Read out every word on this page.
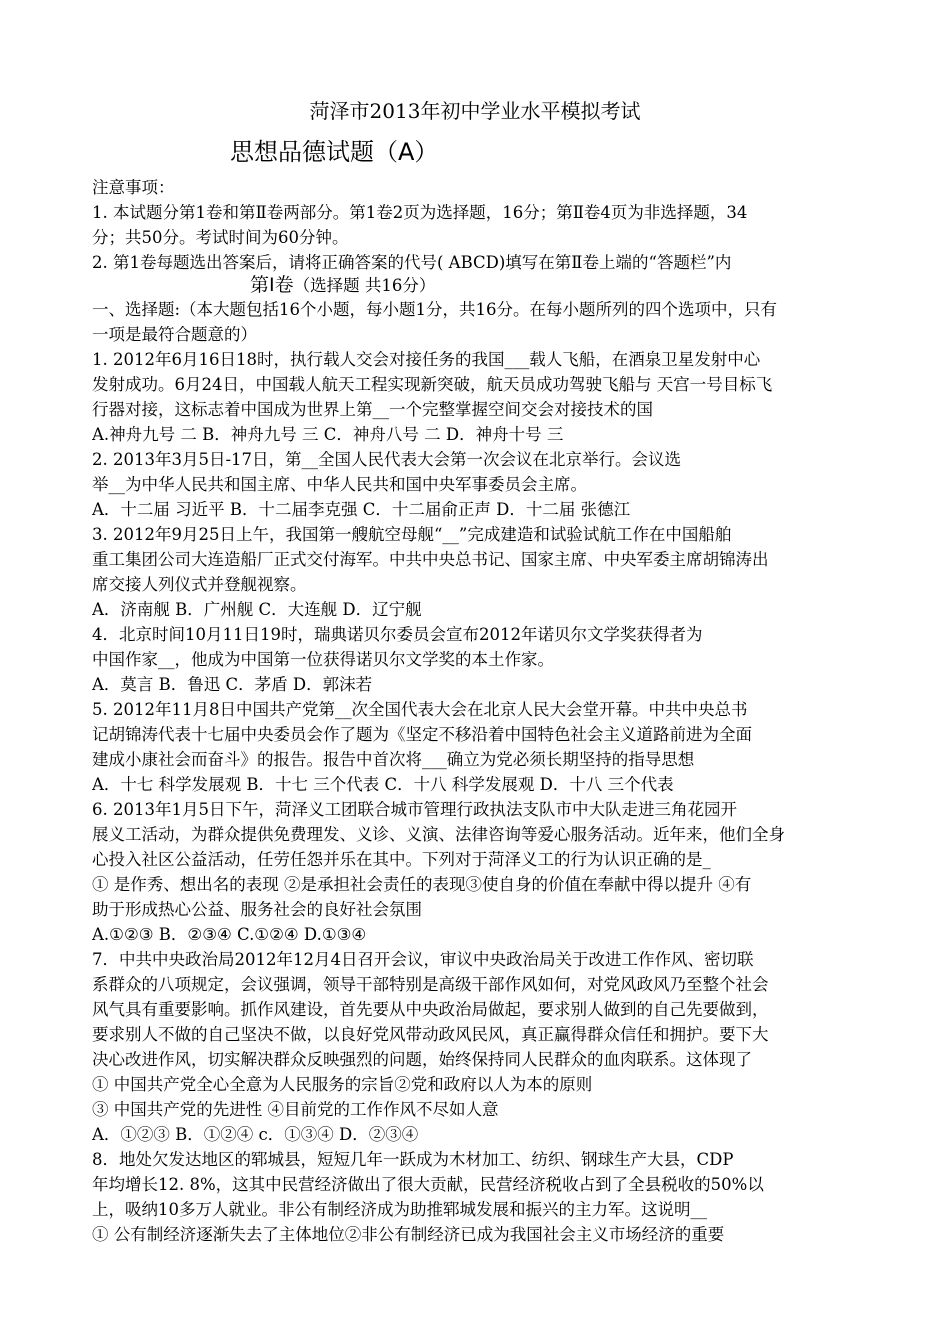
菏泽市2013年初中学业水平模拟考试
思想品德试题（A）
注意事项：
1. 本试题分第1卷和第Ⅱ卷两部分。第1卷2页为选择题，16分；第Ⅱ卷4页为非选择题，34
分；共50分。考试时间为60分钟。
2. 第1卷每题选出答案后，请将正确答案的代号( ABCD)填写在第Ⅱ卷上端的“答题栏”内
第Ⅰ卷（选择题 共16分）
一、选择题:（本大题包括16个小题，每小题1分，共16分。在每小题所列的四个选项中，只有
一项是最符合题意的）
1. 2012年6月16日18时，执行载人交会对接任务的我国___载人飞船，在酒泉卫星发射中心
发射成功。6月24日，中国载人航天工程实现新突破，航天员成功驾驶飞船与 天宫一号目标飞
行器对接，这标志着中国成为世界上第__一个完整掌握空间交会对接技术的国
A.神舟九号 二 B．神舟九号 三 C．神舟八号 二 D．神舟十号 三
2. 2013年3月5日-17日，第__全国人民代表大会第一次会议在北京举行。会议选
举__为中华人民共和国主席、中华人民共和国中央军事委员会主席。
A．十二届 习近平 B．十二届李克强 C．十二届俞正声 D．十二届 张德江
3. 2012年9月25日上午，我国第一艘航空母舰“__”完成建造和试验试航工作在中国船舶
重工集团公司大连造船厂正式交付海军。中共中央总书记、国家主席、中央军委主席胡锦涛出
席交接人列仪式并登舰视察。
A．济南舰 B．广州舰 C．大连舰 D．辽宁舰
4．北京时间10月11日19时，瑞典诺贝尔委员会宣布2012年诺贝尔文学奖获得者为
中国作家__，他成为中国第一位获得诺贝尔文学奖的本土作家。
A．莫言 B．鲁迅 C．茅盾 D．郭沫若
5. 2012年11月8日中国共产党第__次全国代表大会在北京人民大会堂开幕。中共中央总书
记胡锦涛代表十七届中央委员会作了题为《坚定不移沿着中国特色社会主义道路前进为全面
建成小康社会而奋斗》的报告。报告中首次将___确立为党必须长期坚持的指导思想
A．十七 科学发展观 B．十七 三个代表 C．十八 科学发展观 D．十八 三个代表
6. 2013年1月5日下午，菏泽义工团联合城市管理行政执法支队市中大队走进三角花园开
展义工活动，为群众提供免费理发、义诊、义演、法律咨询等爱心服务活动。近年来，他们全身
心投入社区公益活动，任劳任怨并乐在其中。下列对于菏泽义工的行为认识正确的是_
① 是作秀、想出名的表现 ②是承担社会责任的表现③使自身的价值在奉献中得以提升 ④有
助于形成热心公益、服务社会的良好社会氛围
A.①②③ B．②③④ C.①②④ D.①③④
7．中共中央政治局2012年12月4日召开会议，审议中央政治局关于改进工作作风、密切联
系群众的八项规定，会议强调，领导干部特别是高级干部作风如何，对党风政风乃至整个社会
风气具有重要影响。抓作风建设，首先要从中央政治局做起，要求别人做到的自己先要做到，
要求别人不做的自己坚决不做，以良好党风带动政风民风，真正赢得群众信任和拥护。要下大
决心改进作风，切实解决群众反映强烈的问题，始终保持同人民群众的血肉联系。这体现了
① 中国共产党全心全意为人民服务的宗旨②党和政府以人为本的原则
③ 中国共产党的先进性 ④目前党的工作作风不尽如人意
A．①②③ B．①②④ c．①③④ D．②③④
8．地处欠发达地区的郓城县，短短几年一跃成为木材加工、纺织、钢球生产大县，CDP
年均增长12. 8%，这其中民营经济做出了很大贡献，民营经济税收占到了全县税收的50%以
上，吸纳10多万人就业。非公有制经济成为助推郓城发展和振兴的主力军。这说明__
① 公有制经济逐渐失去了主体地位②非公有制经济已成为我国社会主义市场经济的重要
